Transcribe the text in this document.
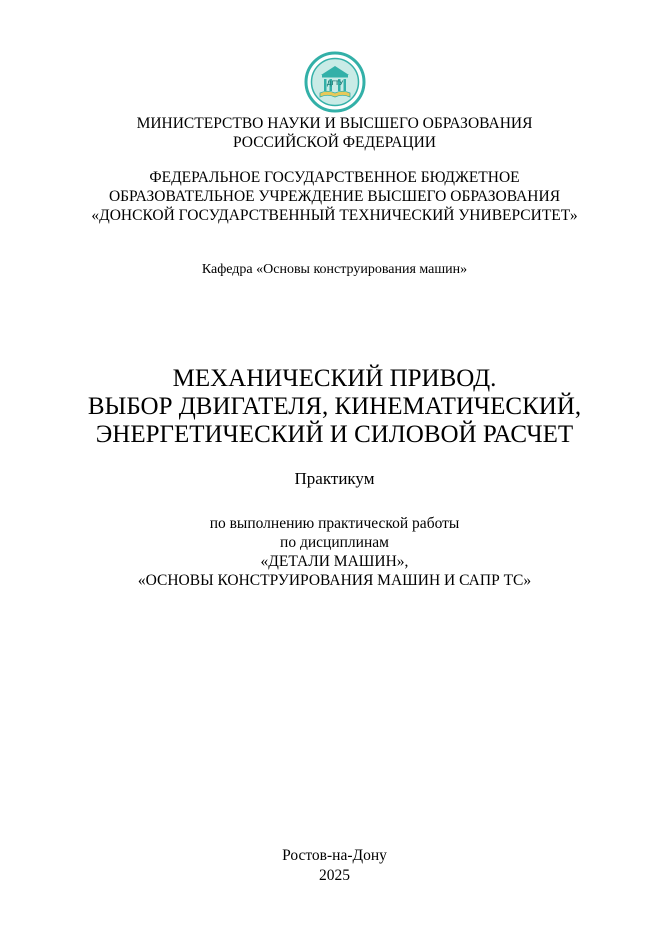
ДГТУ
МИНИСТЕРСТВО НАУКИ И ВЫСШЕГО ОБРАЗОВАНИЯ
РОССИЙСКОЙ ФЕДЕРАЦИИ
ФЕДЕРАЛЬНОЕ ГОСУДАРСТВЕННОЕ БЮДЖЕТНОЕ
ОБРАЗОВАТЕЛЬНОЕ УЧРЕЖДЕНИЕ ВЫСШЕГО ОБРАЗОВАНИЯ
«ДОНСКОЙ ГОСУДАРСТВЕННЫЙ ТЕХНИЧЕСКИЙ УНИВЕРСИТЕТ»
Кафедра «Основы конструирования машин»
МЕХАНИЧЕСКИЙ ПРИВОД.
ВЫБОР ДВИГАТЕЛЯ, КИНЕМАТИЧЕСКИЙ,
ЭНЕРГЕТИЧЕСКИЙ И СИЛОВОЙ РАСЧЕТ
Практикум
по выполнению практической работы
по дисциплинам
«ДЕТАЛИ МАШИН»,
«ОСНОВЫ КОНСТРУИРОВАНИЯ МАШИН И САПР ТС»
Ростов-на-Дону
2025
